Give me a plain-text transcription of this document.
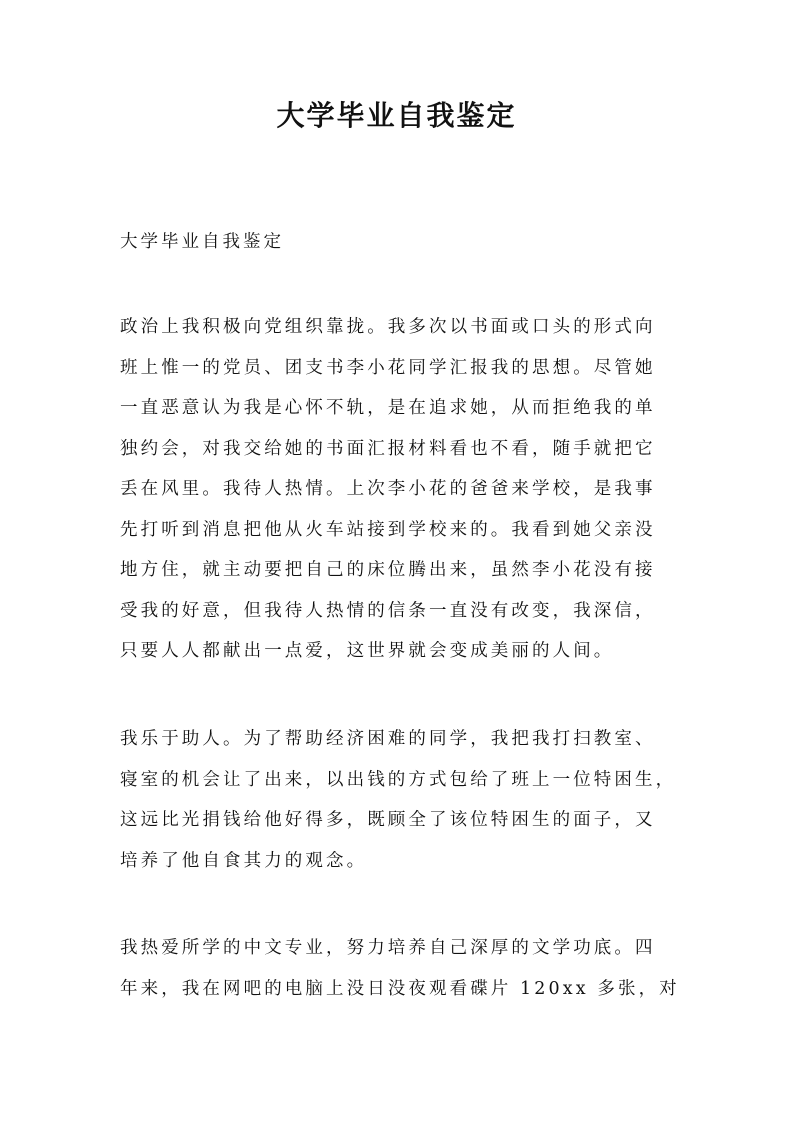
大学毕业自我鉴定

大学毕业自我鉴定

政治上我积极向党组织靠拢。我多次以书面或口头的形式向
班上惟一的党员、团支书李小花同学汇报我的思想。尽管她
一直恶意认为我是心怀不轨，是在追求她，从而拒绝我的单
独约会，对我交给她的书面汇报材料看也不看，随手就把它
丢在风里。我待人热情。上次李小花的爸爸来学校，是我事
先打听到消息把他从火车站接到学校来的。我看到她父亲没
地方住，就主动要把自己的床位腾出来，虽然李小花没有接
受我的好意，但我待人热情的信条一直没有改变，我深信，
只要人人都献出一点爱，这世界就会变成美丽的人间。
我乐于助人。为了帮助经济困难的同学，我把我打扫教室、
寝室的机会让了出来，以出钱的方式包给了班上一位特困生，
这远比光捐钱给他好得多，既顾全了该位特困生的面子，又
培养了他自食其力的观念。
我热爱所学的中文专业，努力培养自己深厚的文学功底。四
年来，我在网吧的电脑上没日没夜观看碟片 120xx 多张，对
